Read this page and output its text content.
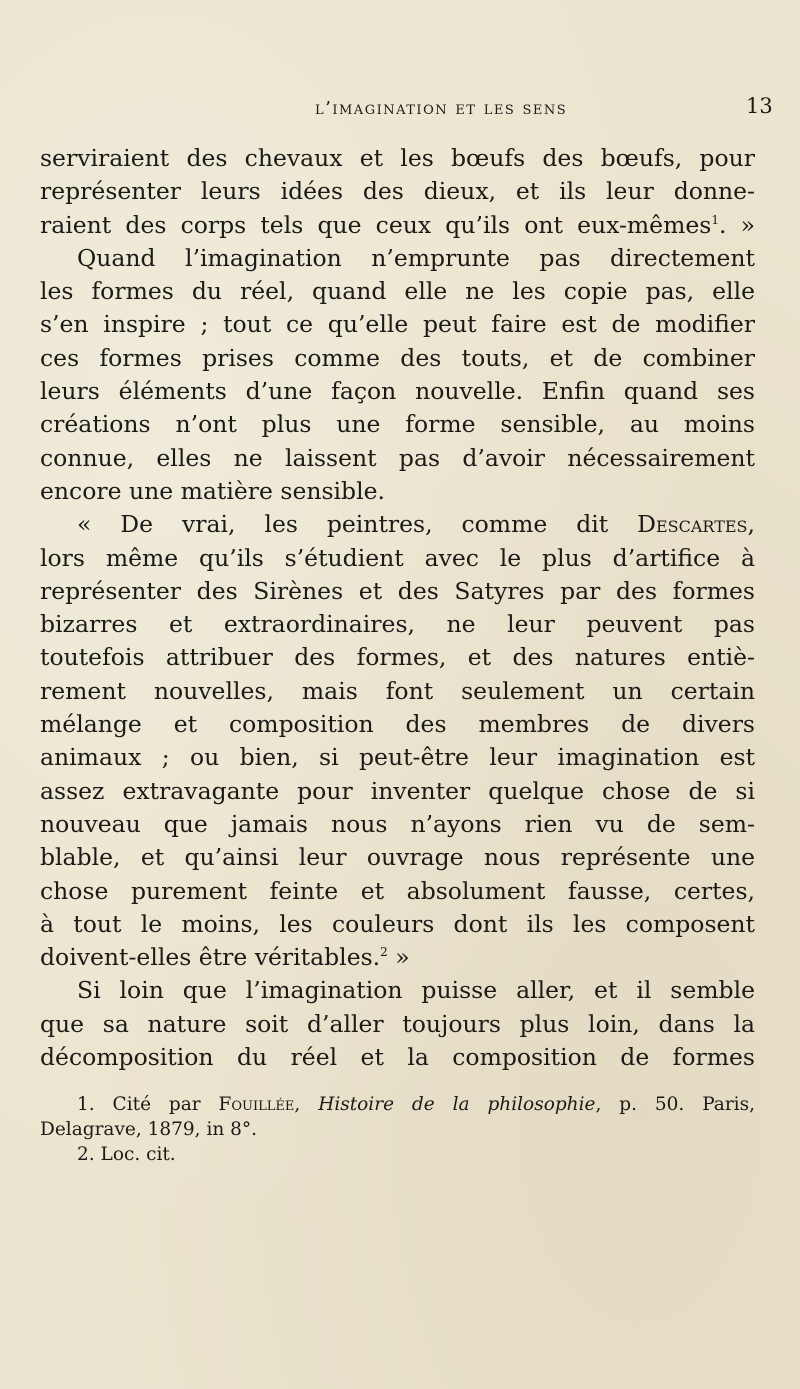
l’imagination et les sens	13
serviraient des chevaux et les bœufs des bœufs, pour
représenter leurs idées des dieux, et ils leur donne-
raient des corps tels que ceux qu’ils ont eux-mêmes$^1$. »
Quand l’imagination n’emprunte pas directement
les formes du réel, quand elle ne les copie pas, elle
s’en inspire ; tout ce qu’elle peut faire est de modifier
ces formes prises comme des touts, et de combiner
leurs éléments d’une façon nouvelle. Enfin quand ses
créations n’ont plus une forme sensible, au moins
connue, elles ne laissent pas d’avoir nécessairement
encore une matière sensible.
« De vrai, les peintres, comme dit Descartes,
lors même qu’ils s’étudient avec le plus d’artifice à
représenter des Sirènes et des Satyres par des formes
bizarres et extraordinaires, ne leur peuvent pas
toutefois attribuer des formes, et des natures entiè-
rement nouvelles, mais font seulement un certain
mélange et composition des membres de divers
animaux ; ou bien, si peut-être leur imagination est
assez extravagante pour inventer quelque chose de si
nouveau que jamais nous n’ayons rien vu de sem-
blable, et qu’ainsi leur ouvrage nous représente une
chose purement feinte et absolument fausse, certes,
à tout le moins, les couleurs dont ils les composent
doivent-elles être véritables.$^2$ »
Si loin que l’imagination puisse aller, et il semble
que sa nature soit d’aller toujours plus loin, dans la
décomposition du réel et la composition de formes
1. Cité par Fouillée, Histoire de la philosophie, p. 50. Paris,
Delagrave, 1879, in 8°.
2. Loc. cit.
